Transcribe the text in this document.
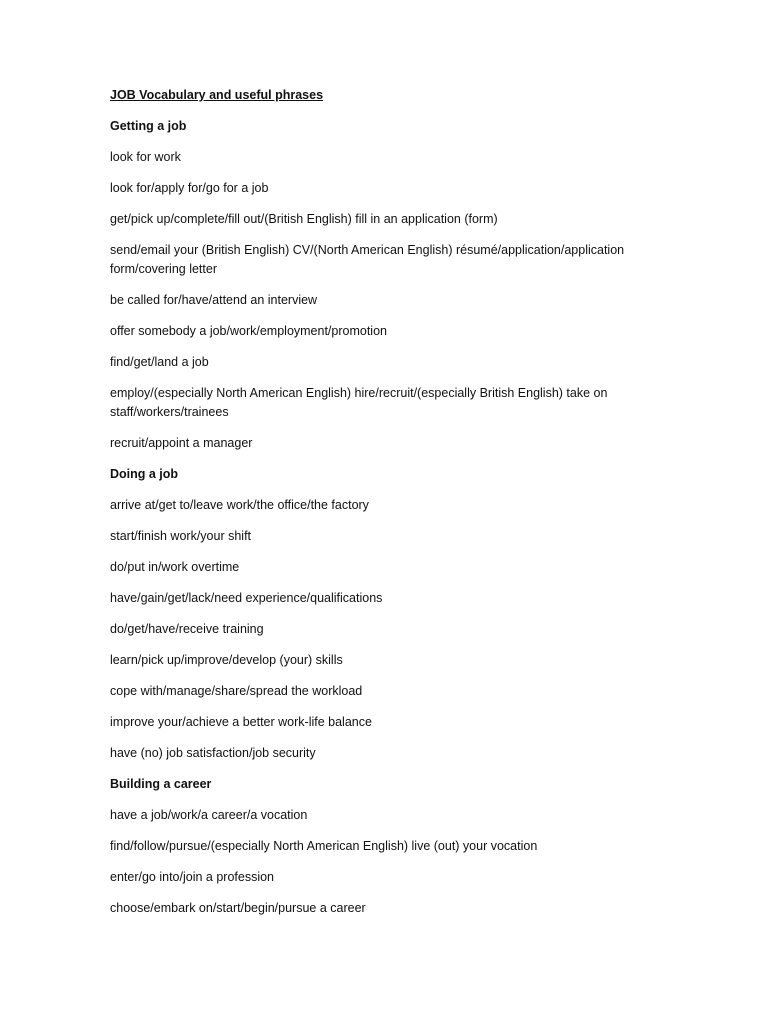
JOB Vocabulary and useful phrases
Getting a job
look for work
look for/apply for/go for a job
get/pick up/complete/fill out/(British English) fill in an application (form)
send/email your (British English) CV/(North American English) résumé/application/application form/covering letter
be called for/have/attend an interview
offer somebody a job/work/employment/promotion
find/get/land a job
employ/(especially North American English) hire/recruit/(especially British English) take on staff/workers/trainees
recruit/appoint a manager
Doing a job
arrive at/get to/leave work/the office/the factory
start/finish work/your shift
do/put in/work overtime
have/gain/get/lack/need experience/qualifications
do/get/have/receive training
learn/pick up/improve/develop (your) skills
cope with/manage/share/spread the workload
improve your/achieve a better work-life balance
have (no) job satisfaction/job security
Building a career
have a job/work/a career/a vocation
find/follow/pursue/(especially North American English) live (out) your vocation
enter/go into/join a profession
choose/embark on/start/begin/pursue a career
